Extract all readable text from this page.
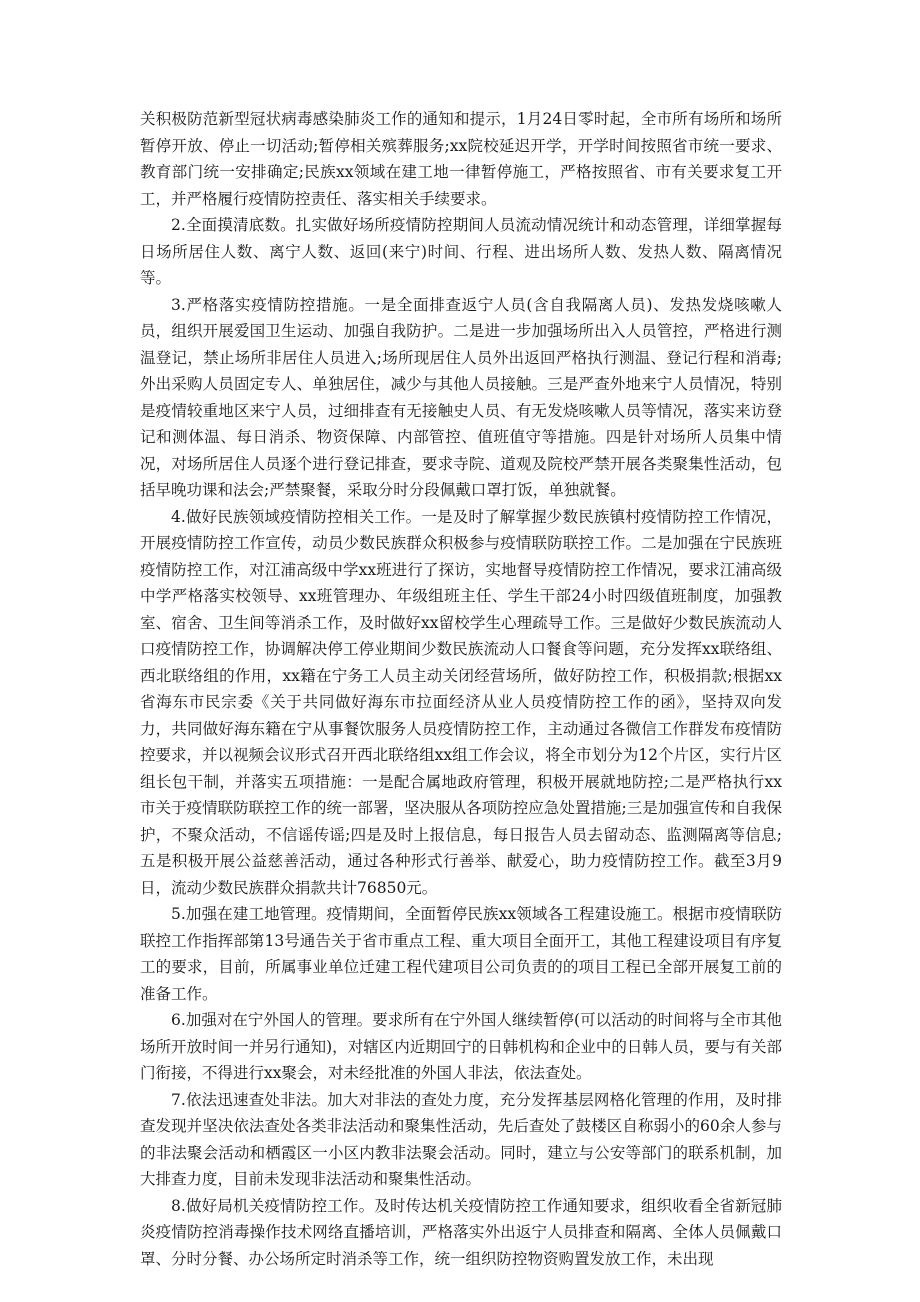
关积极防范新型冠状病毒感染肺炎工作的通知和提示，1月24日零时起，全市所有场所和场所暂停开放、停止一切活动;暂停相关殡葬服务;xx院校延迟开学，开学时间按照省市统一要求、教育部门统一安排确定;民族xx领域在建工地一律暂停施工，严格按照省、市有关要求复工开工，并严格履行疫情防控责任、落实相关手续要求。

2.全面摸清底数。扎实做好场所疫情防控期间人员流动情况统计和动态管理，详细掌握每日场所居住人数、离宁人数、返回(来宁)时间、行程、进出场所人数、发热人数、隔离情况等。

3.严格落实疫情防控措施。一是全面排查返宁人员(含自我隔离人员)、发热发烧咳嗽人员，组织开展爱国卫生运动、加强自我防护。二是进一步加强场所出入人员管控，严格进行测温登记，禁止场所非居住人员进入;场所现居住人员外出返回严格执行测温、登记行程和消毒;外出采购人员固定专人、单独居住，减少与其他人员接触。三是严查外地来宁人员情况，特别是疫情较重地区来宁人员，过细排查有无接触史人员、有无发烧咳嗽人员等情况，落实来访登记和测体温、每日消杀、物资保障、内部管控、值班值守等措施。四是针对场所人员集中情况，对场所居住人员逐个进行登记排查，要求寺院、道观及院校严禁开展各类聚集性活动，包括早晚功课和法会;严禁聚餐，采取分时分段佩戴口罩打饭，单独就餐。

4.做好民族领域疫情防控相关工作。一是及时了解掌握少数民族镇村疫情防控工作情况，开展疫情防控工作宣传，动员少数民族群众积极参与疫情联防联控工作。二是加强在宁民族班疫情防控工作，对江浦高级中学xx班进行了探访，实地督导疫情防控工作情况，要求江浦高级中学严格落实校领导、xx班管理办、年级组班主任、学生干部24小时四级值班制度，加强教室、宿舍、卫生间等消杀工作，及时做好xx留校学生心理疏导工作。三是做好少数民族流动人口疫情防控工作，协调解决停工停业期间少数民族流动人口餐食等问题，充分发挥xx联络组、西北联络组的作用，xx籍在宁务工人员主动关闭经营场所，做好防控工作，积极捐款;根据xx省海东市民宗委《关于共同做好海东市拉面经济从业人员疫情防控工作的函》，坚持双向发力，共同做好海东籍在宁从事餐饮服务人员疫情防控工作，主动通过各微信工作群发布疫情防控要求，并以视频会议形式召开西北联络组xx组工作会议，将全市划分为12个片区，实行片区组长包干制，并落实五项措施：一是配合属地政府管理，积极开展就地防控;二是严格执行xx市关于疫情联防联控工作的统一部署，坚决服从各项防控应急处置措施;三是加强宣传和自我保护，不聚众活动，不信谣传谣;四是及时上报信息，每日报告人员去留动态、监测隔离等信息;五是积极开展公益慈善活动，通过各种形式行善举、献爱心，助力疫情防控工作。截至3月9日，流动少数民族群众捐款共计76850元。

5.加强在建工地管理。疫情期间，全面暂停民族xx领域各工程建设施工。根据市疫情联防联控工作指挥部第13号通告关于省市重点工程、重大项目全面开工，其他工程建设项目有序复工的要求，目前，所属事业单位迁建工程代建项目公司负责的的项目工程已全部开展复工前的准备工作。

6.加强对在宁外国人的管理。要求所有在宁外国人继续暂停(可以活动的时间将与全市其他场所开放时间一并另行通知)，对辖区内近期回宁的日韩机构和企业中的日韩人员，要与有关部门衔接，不得进行xx聚会，对未经批准的外国人非法，依法查处。

7.依法迅速查处非法。加大对非法的查处力度，充分发挥基层网格化管理的作用，及时排查发现并坚决依法查处各类非法活动和聚集性活动，先后查处了鼓楼区自称弱小的60余人参与的非法聚会活动和栖霞区一小区内教非法聚会活动。同时，建立与公安等部门的联系机制，加大排查力度，目前未发现非法活动和聚集性活动。

8.做好局机关疫情防控工作。及时传达机关疫情防控工作通知要求，组织收看全省新冠肺炎疫情防控消毒操作技术网络直播培训，严格落实外出返宁人员排查和隔离、全体人员佩戴口罩、分时分餐、办公场所定时消杀等工作，统一组织防控物资购置发放工作，未出现
